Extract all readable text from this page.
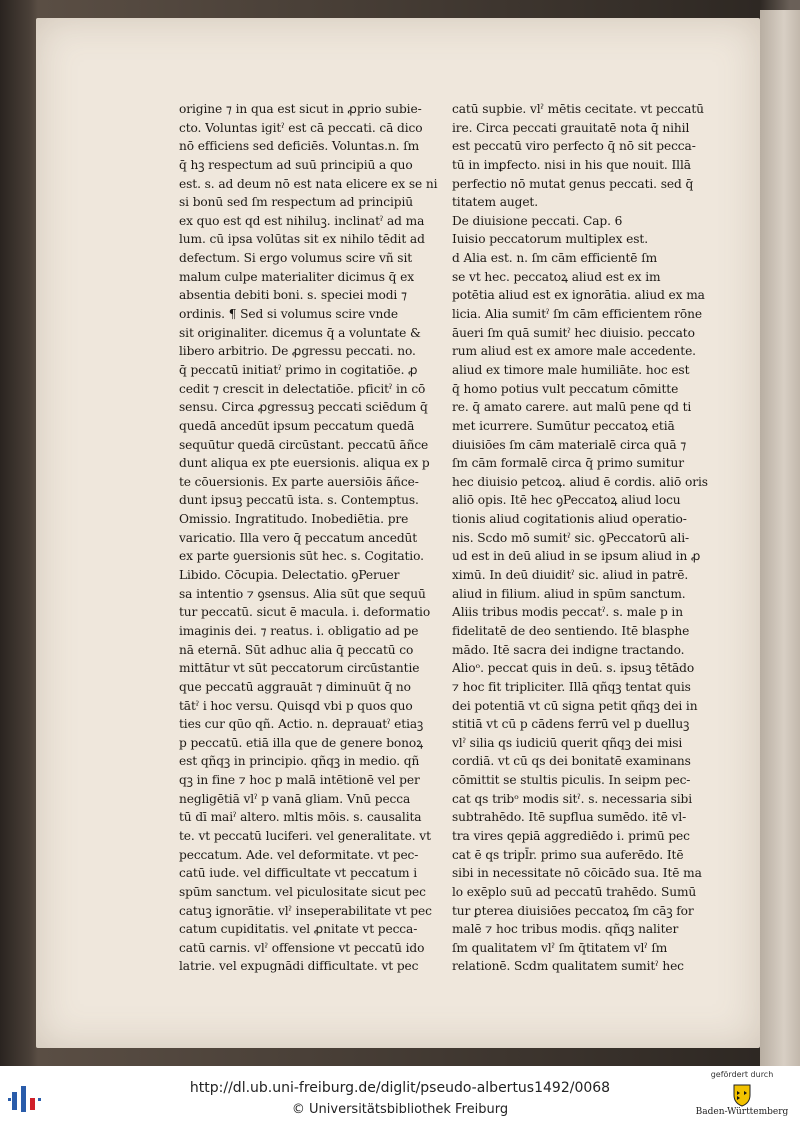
origine ⁊ in qua est sicut in ꝓprio subie-
cto. Voluntas igitˀ est cā peccati. cā dico
nō efficiens sed deficiēs. Voluntas.n. ſm
q̄ hꝫ respectum ad suū principiū a quo
est. s. ad deum nō est nata elicere ex se ni
si bonū sed ſm respectum ad principiū
ex quo est qd est nihiluꝫ. inclinatˀ ad ma
lum. cū ipsa volūtas sit ex nihilo tēdit ad
defectum. Si ergo volumus scire vñ sit
malum culpe materialiter dicimus q̄ ex
absentia debiti boni. s. speciei modi ⁊
ordinis. ¶ Sed si volumus scire vnde
sit originaliter. dicemus q̄ a voluntate &
libero arbitrio. De ꝓgressu peccati. no.
q̄ peccatū initiatˀ primo in cogitatiōe. ꝓ
cedit ⁊ crescit in delectatiōe. pficitˀ in cō
sensu. Circa ꝓgressuꝫ peccati sciēdum q̄
quedā ancedūt ipsum peccatum quedā
sequūtur quedā circūstant. peccatū āñce
dunt aliqua ex pte euersionis. aliqua ex p
te cōuersionis. Ex parte auersiōis āñce-
dunt ipsuꝫ peccatū ista. s. Contemptus.
Omissio. Ingratitudo. Inobediētia. pre
varicatio. Illa vero q̄ peccatum ancedūt
ex parte ꝯuersionis sūt hec. s. Cogitatio.
Libido. Cōcupia. Delectatio. ꝯPeruer
sa intentio ⁊ ꝯsensus. Alia sūt que sequū
tur peccatū. sicut ē macula. i. deformatio
imaginis dei. ⁊ reatus. i. obligatio ad pe
nā eternā. Sūt adhuc alia q̄ peccatū co
mittātur vt sūt peccatorum circūstantie
que peccatū aggrauāt ⁊ diminuūt q̄ no
tātˀ i hoc versu. Quisqd vbi p quos quo
ties cur qūo qñ. Actio. n. deprauatˀ etiaꝫ
p peccatū. etiā illa que de genere bonoꝝ
est qñqꝫ in principio. qñqꝫ in medio. qñ
qꝫ in fine ⁊ hoc p malā intētionē vel per
negligētiā vlˀ p vanā gliam. Vnū pecca
tū dī maiˀ altero. mltis mōis. s. causalita
te. vt peccatū luciferi. vel generalitate. vt
peccatum. Ade. vel deformitate. vt pec-
catū iude. vel difficultate vt peccatum i
spūm sanctum. vel piculositate sicut pec
catuꝫ ignorātie. vlˀ inseperabilitate vt pec
catum cupiditatis. vel ꝓnitate vt pecca-
catū carnis. vlˀ offensione vt peccatū ido
latrie. vel expugnādi difficultate. vt pec
catū supbie. vlˀ mētis cecitate. vt peccatū
ire. Circa peccati grauitatē nota q̄ nihil
est peccatū viro perfecto q̄ nō sit pecca-
tū in imꝑfecto. nisi in his que nouit. Illā
perfectio nō mutat genus peccati. sed q̄
titatem auget.
De diuisione peccati. Cap. 6
Iuisio peccatorum multiplex est.
d Alia est. n. ſm cām efficientē ſm
se vt hec. peccatoꝝ aliud est ex im
potētia aliud est ex ignorātia. aliud ex ma
licia. Alia sumitˀ ſm cām efficientem rōne
āueri ſm quā sumitˀ hec diuisio. peccato
rum aliud est ex amore male accedente.
aliud ex timore male humiliāte. hoc est
q̄ homo potius vult peccatum cōmitte
re. q̄ amato carere. aut malū pene qd ti
met icurrere. Sumūtur peccatoꝝ etiā
diuisiōes ſm cām materialē circa quā ⁊
ſm cām formalē circa q̄ primo sumitur
hec diuisio petcoꝝ. aliud ē cordis. aliō oris
aliō opis. Itē hec ꝯPeccatoꝝ aliud locu
tionis aliud cogitationis aliud operatio-
nis. Scdo mō sumitˀ sic. ꝯPeccatorū ali-
ud est in deū aliud in se ipsum aliud in ꝓ
ximū. In deū diuiditˀ sic. aliud in patrē.
aliud in filium. aliud in spūm sanctum.
Aliis tribus modis peccatˀ. s. male p in
fidelitatē de deo sentiendo. Itē blasphe
mādo. Itē sacra dei indigne tractando.
Alioᵒ. peccat quis in deū. s. ipsuꝫ tētādo
⁊ hoc fit tripliciter. Illā qñqꝫ tentat quis
dei potentiā vt cū signa petit qñqꝫ dei in
stitiā vt cū p cādens ferrū vel p duelluꝫ
vlˀ silia qs iudiciū querit qñqꝫ dei misi
cordiā. vt cū qs dei bonitatē examinans
cōmittit se stultis piculis. In seipm pec-
cat qs tribᵒ modis sitˀ. s. necessaria sibi
subtrahēdo. Itē supflua sumēdo. itē vl-
tra vires qepiā aggrediēdo i. primū pec
cat ē qs tripl̄r. primo sua auferēdo. Itē
sibi in necessitate nō cōicādo sua. Itē ma
lo exēplo suū ad peccatū trahēdo. Sumū
tur ꝑterea diuisiōes peccatoꝝ ſm cāꝫ for
malē ⁊ hoc tribus modis. qñqꝫ naliter
ſm qualitatem vlˀ ſm q̄titatem vlˀ ſm
relationē. Scdm qualitatem sumitˀ hec
http://dl.ub.uni-freiburg.de/diglit/pseudo-albertus1492/0068
© Universitätsbibliothek Freiburg
gefördert durch
Baden-Württemberg
